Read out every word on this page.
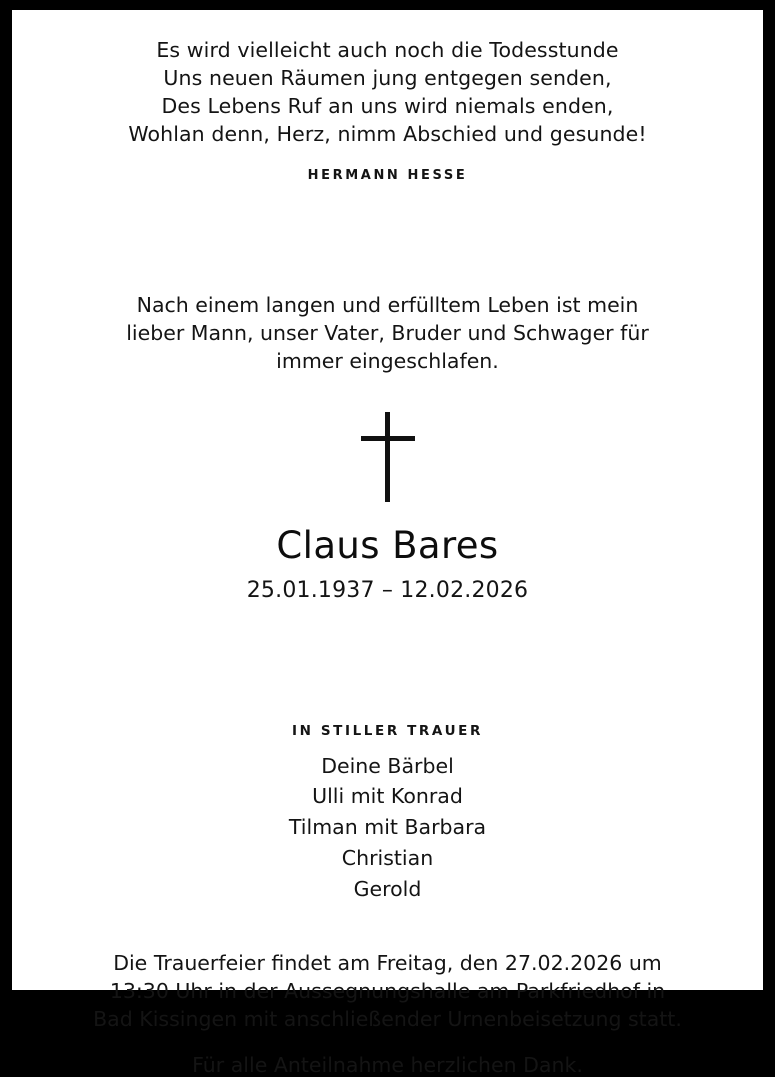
Es wird vielleicht auch noch die Todesstunde
Uns neuen Räumen jung entgegen senden,
Des Lebens Ruf an uns wird niemals enden,
Wohlan denn, Herz, nimm Abschied und gesunde!
HERMANN HESSE
Nach einem langen und erfülltem Leben ist mein
lieber Mann, unser Vater, Bruder und Schwager für
immer eingeschlafen.
Claus Bares
25.01.1937 – 12.02.2026
IN STILLER TRAUER
Deine Bärbel
Ulli mit Konrad
Tilman mit Barbara
Christian
Gerold
Die Trauerfeier findet am Freitag, den 27.02.2026 um
13:30 Uhr in der Aussegnungshalle am Parkfriedhof in
Bad Kissingen mit anschließender Urnenbeisetzung statt.
Für alle Anteilnahme herzlichen Dank.
